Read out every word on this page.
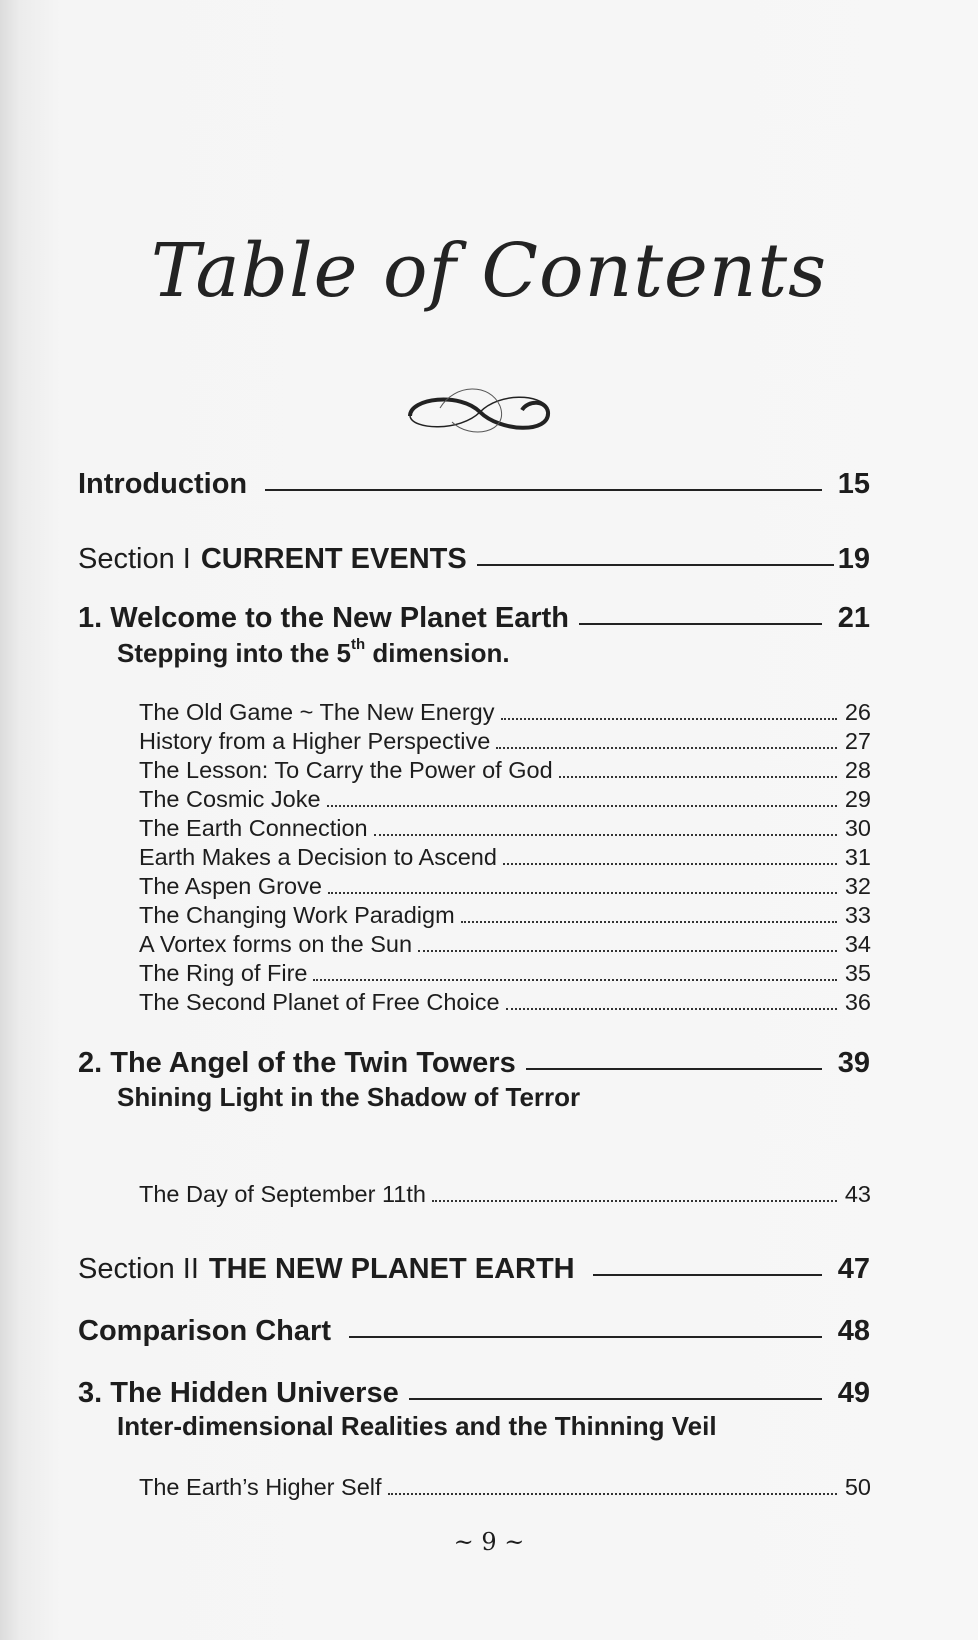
Table of Contents
Introduction	15
Section I CURRENT EVENTS	19
1. Welcome to the New Planet Earth	21
Stepping into the 5th dimension.
The Old Game ~ The New Energy	26
History from a Higher Perspective	27
The Lesson: To Carry the Power of God	28
The Cosmic Joke	29
The Earth Connection	30
Earth Makes a Decision to Ascend	31
The Aspen Grove	32
The Changing Work Paradigm	33
A Vortex forms on the Sun	34
The Ring of Fire	35
The Second Planet of Free Choice	36
2. The Angel of the Twin Towers	39
Shining Light in the Shadow of Terror
The Day of September 11th	43
Section II THE NEW PLANET EARTH	47
Comparison Chart	48
3. The Hidden Universe	49
Inter-dimensional Realities and the Thinning Veil
The Earth’s Higher Self	50
~ 9 ~
